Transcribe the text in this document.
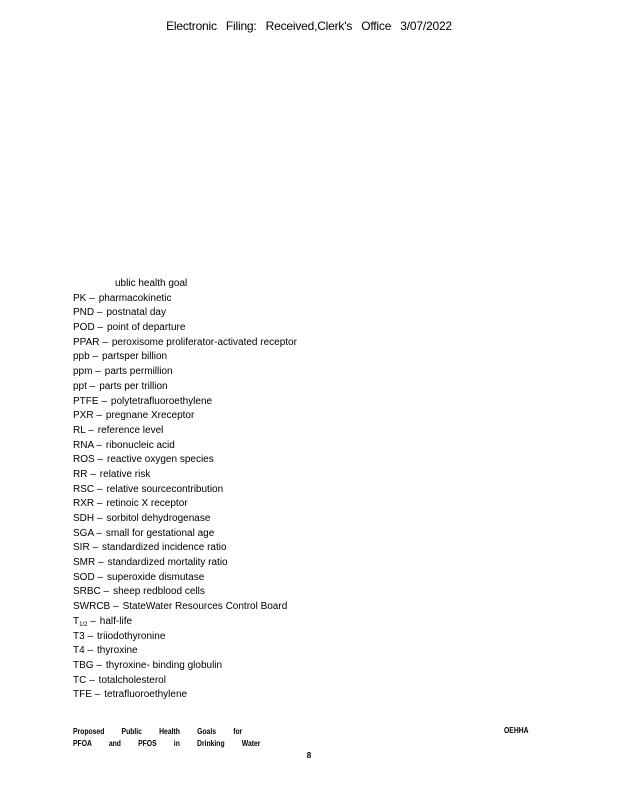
Electronic Filing: Received,Clerk's Office 3/07/2022
ublic health goal
PK – pharmacokinetic
PND – postnatal day
POD – point of departure
PPAR – peroxisome proliferator-activated receptor
ppb – partsper billion
ppm – parts permillion
ppt – parts per trillion
PTFE – polytetrafluoroethylene
PXR – pregnane Xreceptor
RL – reference level
RNA – ribonucleic acid
ROS – reactive oxygen species
RR – relative risk
RSC – relative sourcecontribution
RXR – retinoic X receptor
SDH – sorbitol dehydrogenase
SGA – small for gestational age
SIR – standardized incidence ratio
SMR – standardized mortality ratio
SOD – superoxide dismutase
SRBC – sheep redblood cells
SWRCB – StateWater Resources Control Board
$T_{1/2}$ – half-life
T3 – triiodothyronine
T4 – thyroxine
TBG – thyroxine- binding globulin
TC – totalcholesterol
TFE – tetrafluoroethylene
Proposed Public Health Goals for
PFOA and PFOS in Drinking Water
OEHHA
8
